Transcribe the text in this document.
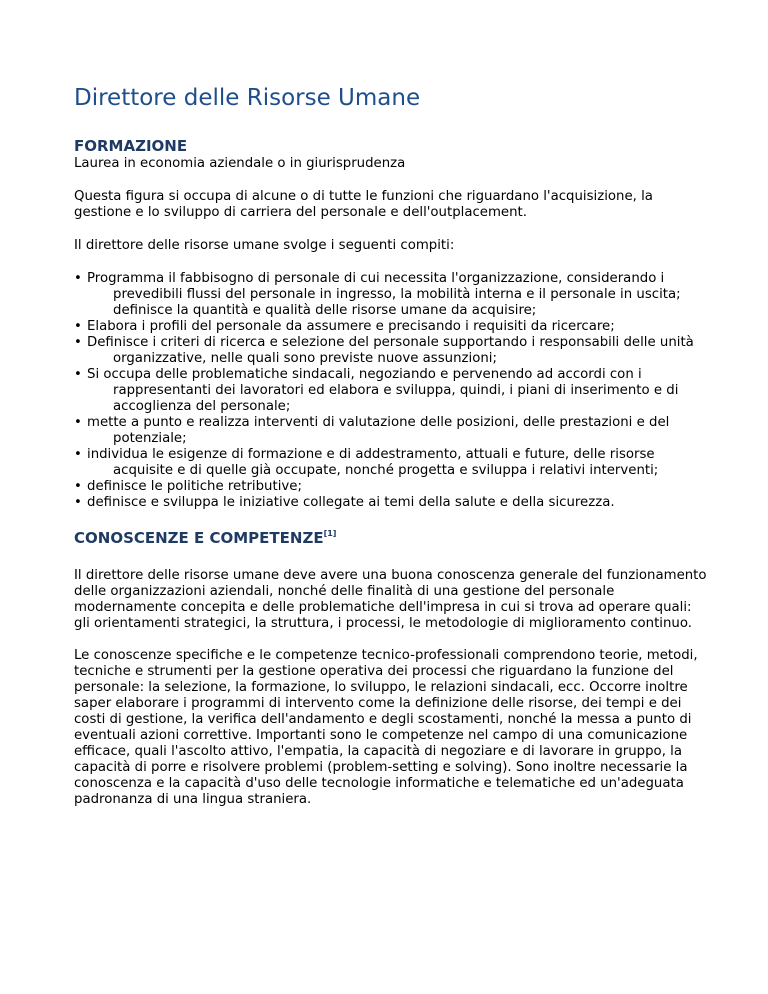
Direttore delle Risorse Umane
FORMAZIONE

Laurea in economia aziendale o in giurisprudenza

Questa figura si occupa di alcune o di tutte le funzioni che riguardano l'acquisizione, la gestione e lo sviluppo di carriera del personale e dell'outplacement.

Il direttore delle risorse umane svolge i seguenti compiti:

• Programma il fabbisogno di personale di cui necessita l'organizzazione, considerando i prevedibili flussi del personale in ingresso, la mobilità interna e il personale in uscita; definisce la quantità e qualità delle risorse umane da acquisire;
• Elabora i profili del personale da assumere e precisando i requisiti da ricercare;
• Definisce i criteri di ricerca e selezione del personale supportando i responsabili delle unità organizzative, nelle quali sono previste nuove assunzioni;
• Si occupa delle problematiche sindacali, negoziando e pervenendo ad accordi con i rappresentanti dei lavoratori ed elabora e sviluppa, quindi, i piani di inserimento e di accoglienza del personale;
• mette a punto e realizza interventi di valutazione delle posizioni, delle prestazioni e del potenziale;
• individua le esigenze di formazione e di addestramento, attuali e future, delle risorse acquisite e di quelle già occupate, nonché progetta e sviluppa i relativi interventi;
• definisce le politiche retributive;
• definisce e sviluppa le iniziative collegate ai temi della salute e della sicurezza.
CONOSCENZE E COMPETENZE[1]

Il direttore delle risorse umane deve avere una buona conoscenza generale del funzionamento delle organizzazioni aziendali, nonché delle finalità di una gestione del personale modernamente concepita e delle problematiche dell'impresa in cui si trova ad operare quali: gli orientamenti strategici, la struttura, i processi, le metodologie di miglioramento continuo.

Le conoscenze specifiche e le competenze tecnico-professionali comprendono teorie, metodi, tecniche e strumenti per la gestione operativa dei processi che riguardano la funzione del personale: la selezione, la formazione, lo sviluppo, le relazioni sindacali, ecc. Occorre inoltre saper elaborare i programmi di intervento come la definizione delle risorse, dei tempi e dei costi di gestione, la verifica dell'andamento e degli scostamenti, nonché la messa a punto di eventuali azioni correttive. Importanti sono le competenze nel campo di una comunicazione efficace, quali l'ascolto attivo, l'empatia, la capacità di negoziare e di lavorare in gruppo, la capacità di porre e risolvere problemi (problem-setting e solving). Sono inoltre necessarie la conoscenza e la capacità d'uso delle tecnologie informatiche e telematiche ed un'adeguata padronanza di una lingua straniera.
